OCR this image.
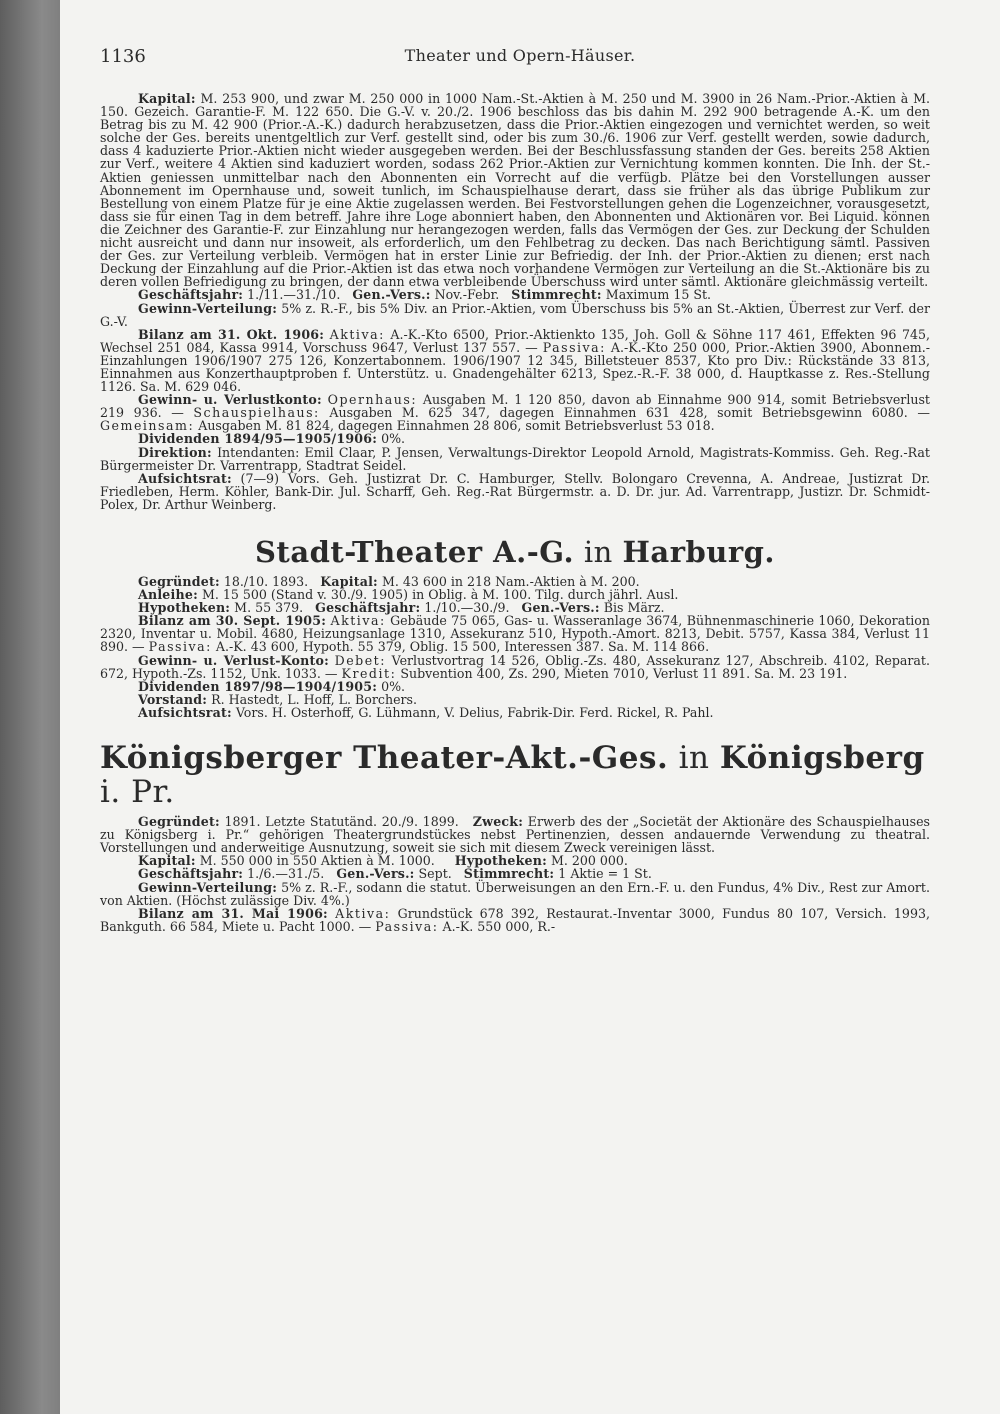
1136	Theater und Opern-Häuser.

Kapital: M. 253 900, und zwar M. 250 000 in 1000 Nam.-St.-Aktien à M. 250 und M. 3900 in 26 Nam.-Prior.-Aktien à M. 150. Gezeich. Garantie-F. M. 122 650. Die G.-V. v. 20./2. 1906 beschloss das bis dahin M. 292 900 betragende A.-K. um den Betrag bis zu M. 42 900 (Prior.-A.-K.) dadurch herabzusetzen, dass die Prior.-Aktien eingezogen und vernichtet werden, so weit solche der Ges. bereits unentgeltlich zur Verf. gestellt sind, oder bis zum 30./6. 1906 zur Verf. gestellt werden, sowie dadurch, dass 4 kaduzierte Prior.-Aktien nicht wieder ausgegeben werden. Bei der Beschlussfassung standen der Ges. bereits 258 Aktien zur Verf., weitere 4 Aktien sind kaduziert worden, sodass 262 Prior.-Aktien zur Vernichtung kommen konnten. Die Inh. der St.-Aktien geniessen unmittelbar nach den Abonnenten ein Vorrecht auf die verfügb. Plätze bei den Vorstellungen ausser Abonnement im Opernhause und, soweit tunlich, im Schauspielhause derart, dass sie früher als das übrige Publikum zur Bestellung von einem Platze für je eine Aktie zugelassen werden. Bei Festvorstellungen gehen die Logenzeichner, vorausgesetzt, dass sie für einen Tag in dem betreff. Jahre ihre Loge abonniert haben, den Abonnenten und Aktionären vor. Bei Liquid. können die Zeichner des Garantie-F. zur Einzahlung nur herangezogen werden, falls das Vermögen der Ges. zur Deckung der Schulden nicht ausreicht und dann nur insoweit, als erforderlich, um den Fehlbetrag zu decken. Das nach Berichtigung sämtl. Passiven der Ges. zur Verteilung verbleib. Vermögen hat in erster Linie zur Befriedig. der Inh. der Prior.-Aktien zu dienen; erst nach Deckung der Einzahlung auf die Prior.-Aktien ist das etwa noch vorhandene Vermögen zur Verteilung an die St.-Aktionäre bis zu deren vollen Befriedigung zu bringen, der dann etwa verbleibende Überschuss wird unter sämtl. Aktionäre gleichmässig verteilt.

Geschäftsjahr: 1./11.—31./10. Gen.-Vers.: Nov.-Febr. Stimmrecht: Maximum 15 St.

Gewinn-Verteilung: 5% z. R.-F., bis 5% Div. an Prior.-Aktien, vom Überschuss bis 5% an St.-Aktien, Überrest zur Verf. der G.-V.

Bilanz am 31. Okt. 1906: Aktiva: A.-K.-Kto 6500, Prior.-Aktienkto 135, Joh. Goll & Söhne 117 461, Effekten 96 745, Wechsel 251 084, Kassa 9914, Vorschuss 9647, Verlust 137 557. — Passiva: A.-K.-Kto 250 000, Prior.-Aktien 3900, Abonnem.-Einzahlungen 1906/1907 275 126, Konzertabonnem. 1906/1907 12 345, Billetsteuer 8537, Kto pro Div.: Rückstände 33 813, Einnahmen aus Konzerthauptproben f. Unterstütz. u. Gnadengehälter 6213, Spez.-R.-F. 38 000, d. Hauptkasse z. Res.-Stellung 1126. Sa. M. 629 046.

Gewinn- u. Verlustkonto: Opernhaus: Ausgaben M. 1 120 850, davon ab Einnahme 900 914, somit Betriebsverlust 219 936. — Schauspielhaus: Ausgaben M. 625 347, dagegen Einnahmen 631 428, somit Betriebsgewinn 6080. — Gemeinsam: Ausgaben M. 81 824, dagegen Einnahmen 28 806, somit Betriebsverlust 53 018.

Dividenden 1894/95—1905/1906: 0%.

Direktion: Intendanten: Emil Claar, P. Jensen, Verwaltungs-Direktor Leopold Arnold, Magistrats-Kommiss. Geh. Reg.-Rat Bürgermeister Dr. Varrentrapp, Stadtrat Seidel.

Aufsichtsrat: (7—9) Vors. Geh. Justizrat Dr. C. Hamburger, Stellv. Bolongaro Crevenna, A. Andreae, Justizrat Dr. Friedleben, Herm. Köhler, Bank-Dir. Jul. Scharff, Geh. Reg.-Rat Bürgermstr. a. D. Dr. jur. Ad. Varrentrapp, Justizr. Dr. Schmidt-Polex, Dr. Arthur Weinberg.

Stadt-Theater A.-G. in Harburg.

Gegründet: 18./10. 1893. Kapital: M. 43 600 in 218 Nam.-Aktien à M. 200.

Anleihe: M. 15 500 (Stand v. 30./9. 1905) in Oblig. à M. 100. Tilg. durch jährl. Ausl.

Hypotheken: M. 55 379. Geschäftsjahr: 1./10.—30./9. Gen.-Vers.: Bis März.

Bilanz am 30. Sept. 1905: Aktiva: Gebäude 75 065, Gas- u. Wasseranlage 3674, Bühnenmaschinerie 1060, Dekoration 2320, Inventar u. Mobil. 4680, Heizungsanlage 1310, Assekuranz 510, Hypoth.-Amort. 8213, Debit. 5757, Kassa 384, Verlust 11 890. — Passiva: A.-K. 43 600, Hypoth. 55 379, Oblig. 15 500, Interessen 387. Sa. M. 114 866.

Gewinn- u. Verlust-Konto: Debet: Verlustvortrag 14 526, Oblig.-Zs. 480, Assekuranz 127, Abschreib. 4102, Reparat. 672, Hypoth.-Zs. 1152, Unk. 1033. — Kredit: Subvention 400, Zs. 290, Mieten 7010, Verlust 11 891. Sa. M. 23 191.

Dividenden 1897/98—1904/1905: 0%.

Vorstand: R. Hastedt, L. Hoff, L. Borchers.

Aufsichtsrat: Vors. H. Osterhoff, G. Lühmann, V. Delius, Fabrik-Dir. Ferd. Rickel, R. Pahl.

Königsberger Theater-Akt.-Ges. in Königsberg i. Pr.

Gegründet: 1891. Letzte Statutänd. 20./9. 1899. Zweck: Erwerb des der „Societät der Aktionäre des Schauspielhauses zu Königsberg i. Pr.“ gehörigen Theatergrundstückes nebst Pertinenzien, dessen andauernde Verwendung zu theatral. Vorstellungen und anderweitige Ausnutzung, soweit sie sich mit diesem Zweck vereinigen lässt.

Kapital: M. 550 000 in 550 Aktien à M. 1000. Hypotheken: M. 200 000.

Geschäftsjahr: 1./6.—31./5. Gen.-Vers.: Sept. Stimmrecht: 1 Aktie = 1 St.

Gewinn-Verteilung: 5% z. R.-F., sodann die statut. Überweisungen an den Ern.-F. u. den Fundus, 4% Div., Rest zur Amort. von Aktien. (Höchst zulässige Div. 4%.)

Bilanz am 31. Mai 1906: Aktiva: Grundstück 678 392, Restaurat.-Inventar 3000, Fundus 80 107, Versich. 1993, Bankguth. 66 584, Miete u. Pacht 1000. — Passiva: A.-K. 550 000, R.-
